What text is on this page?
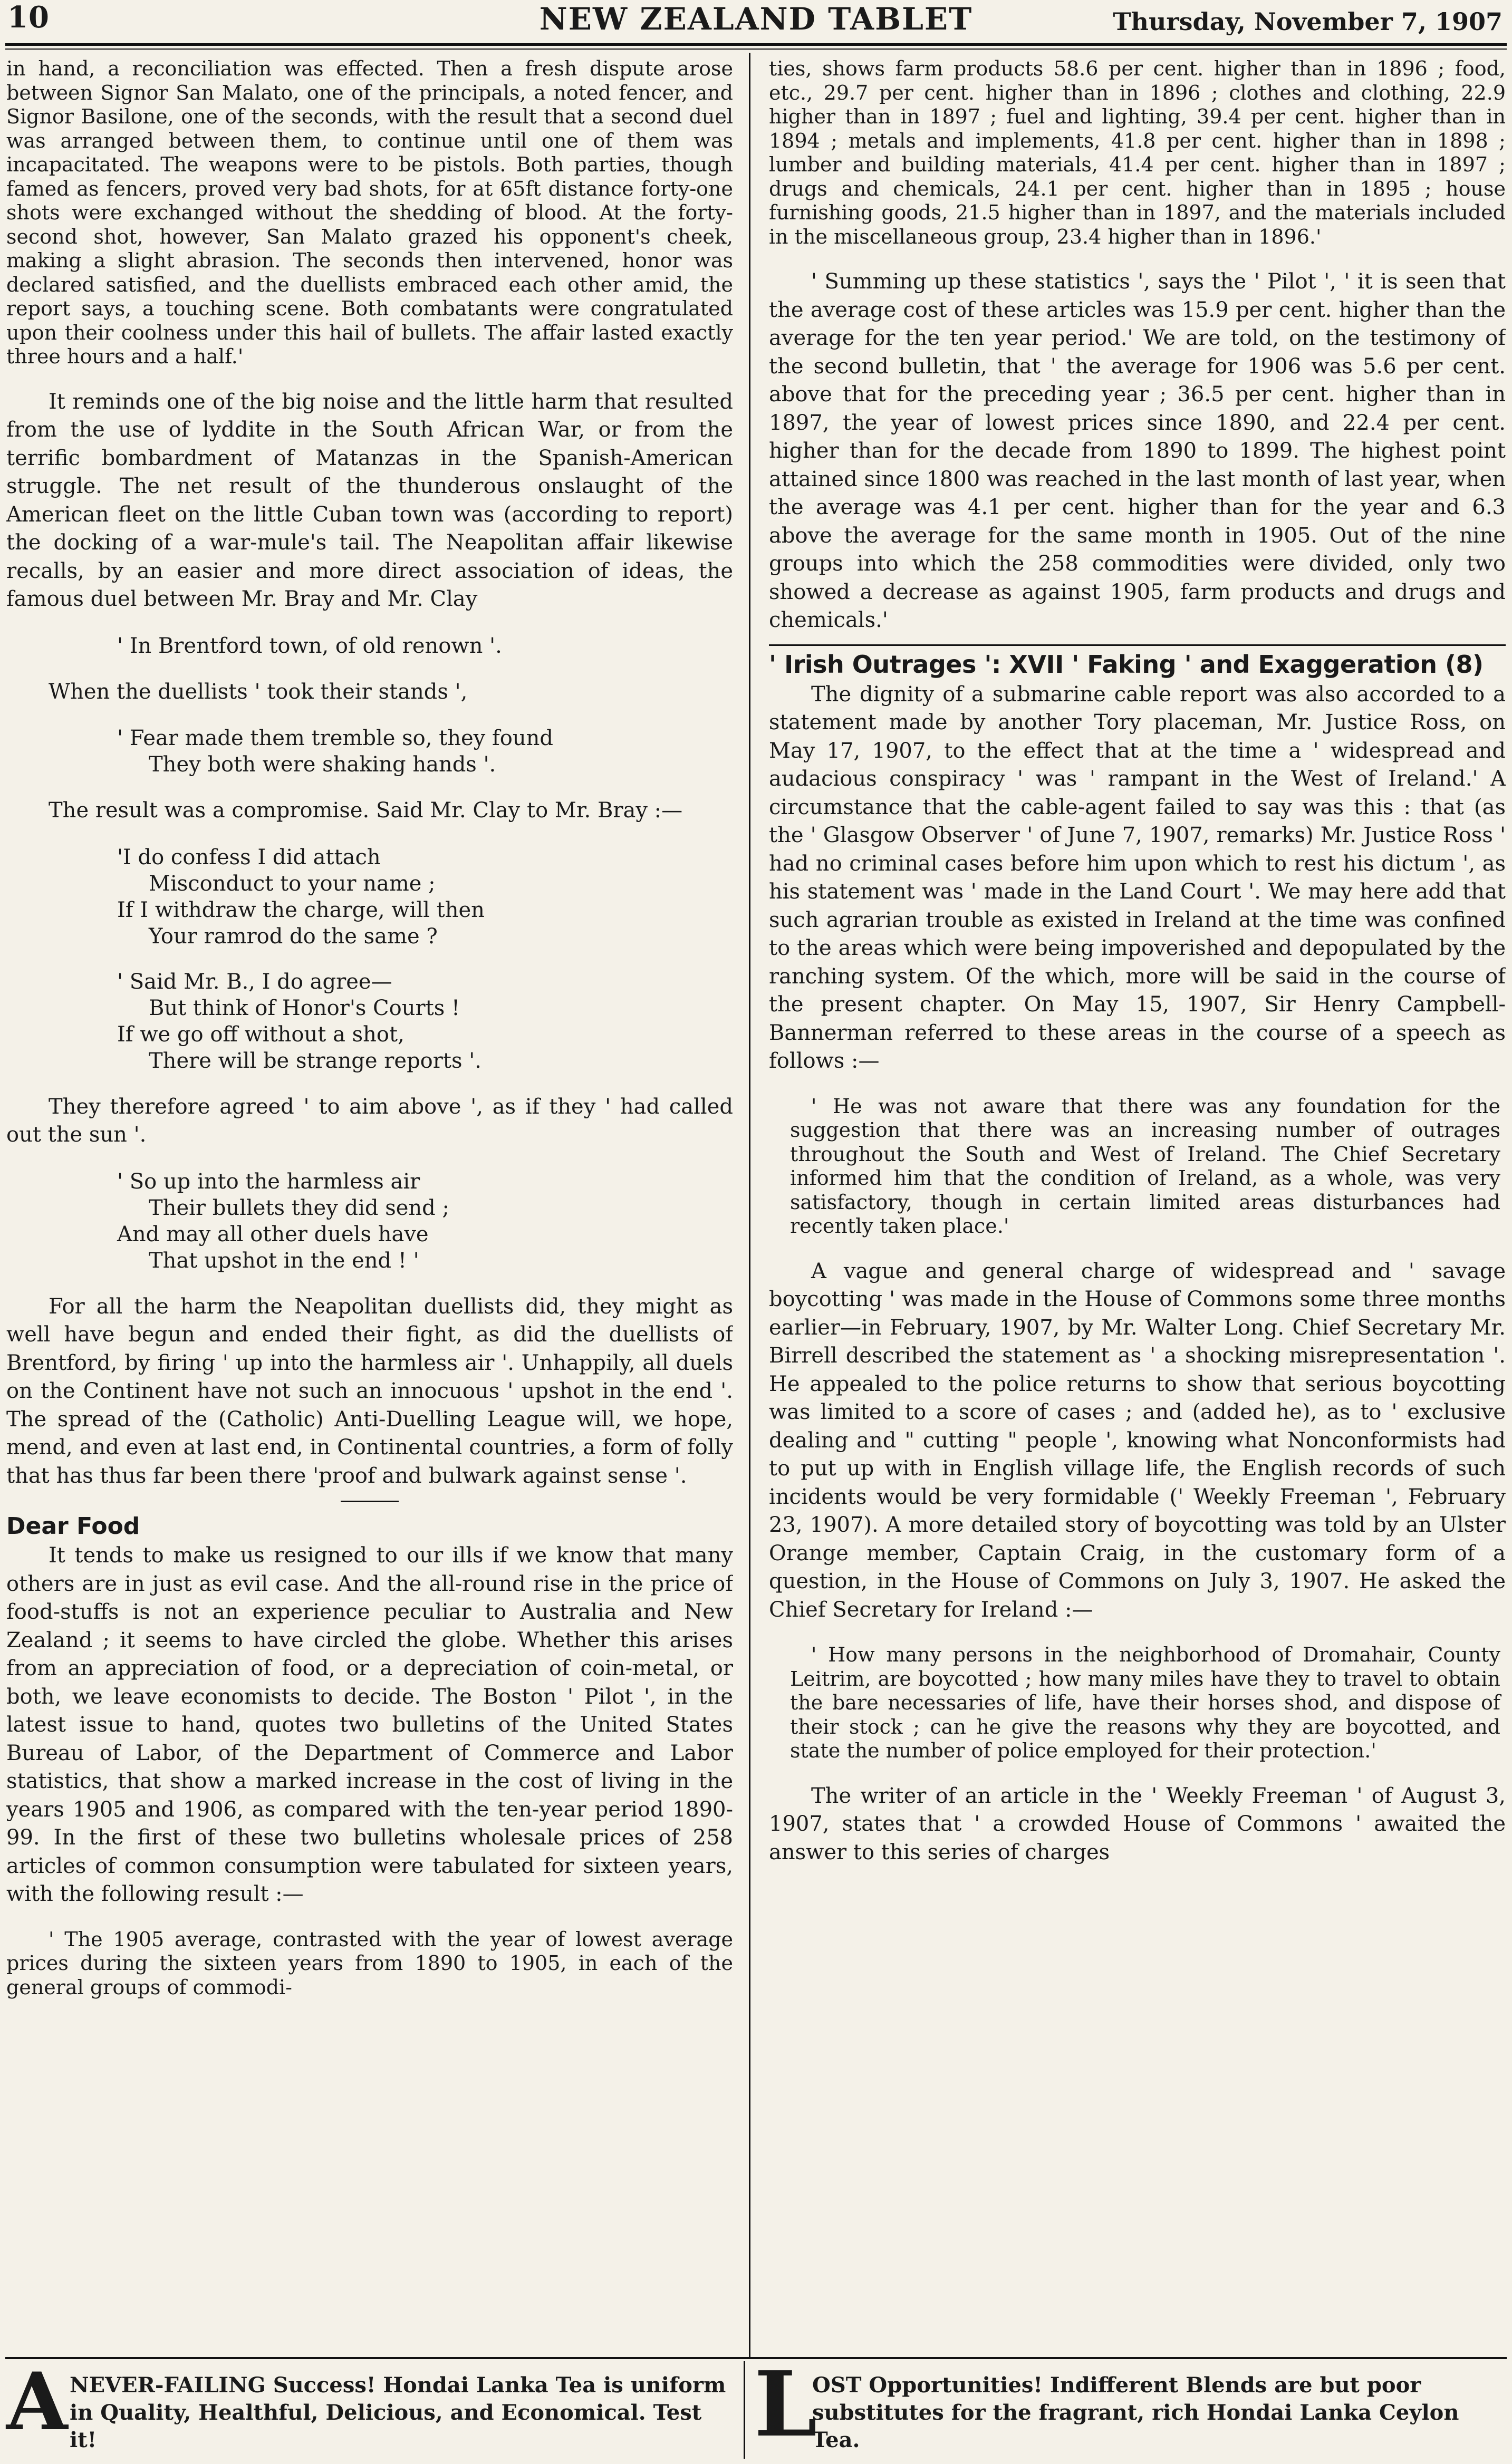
10	NEW ZEALAND TABLET	Thursday, November 7, 1907

in hand, a reconciliation was effected. Then a fresh dispute arose between Signor San Malato, one of the principals, a noted fencer, and Signor Basilone, one of the seconds, with the result that a second duel was arranged between them, to continue until one of them was incapacitated. The weapons were to be pistols. Both parties, though famed as fencers, proved very bad shots, for at 65ft distance forty-one shots were exchanged without the shedding of blood. At the forty-second shot, however, San Malato grazed his opponent's cheek, making a slight abrasion. The seconds then intervened, honor was declared satisfied, and the duellists embraced each other amid, the report says, a touching scene. Both combatants were congratulated upon their coolness under this hail of bullets. The affair lasted exactly three hours and a half.'

It reminds one of the big noise and the little harm that resulted from the use of lyddite in the South African War, or from the terrific bombardment of Matanzas in the Spanish-American struggle. The net result of the thunderous onslaught of the American fleet on the little Cuban town was (according to report) the docking of a war-mule's tail. The Neapolitan affair likewise recalls, by an easier and more direct association of ideas, the famous duel between Mr. Bray and Mr. Clay

' In Brentford town, of old renown '.

When the duellists ' took their stands ',

' Fear made them tremble so, they found
They both were shaking hands '.

The result was a compromise. Said Mr. Clay to Mr. Bray :—

'I do confess I did attach
Misconduct to your name ;
If I withdraw the charge, will then
Your ramrod do the same ?
' Said Mr. B., I do agree—
But think of Honor's Courts !
If we go off without a shot,
There will be strange reports '.

They therefore agreed ' to aim above ', as if they ' had called out the sun '.

' So up into the harmless air
Their bullets they did send ;
And may all other duels have
That upshot in the end ! '

For all the harm the Neapolitan duellists did, they might as well have begun and ended their fight, as did the duellists of Brentford, by firing ' up into the harmless air '. Unhappily, all duels on the Continent have not such an innocuous ' upshot in the end '. The spread of the (Catholic) Anti-Duelling League will, we hope, mend, and even at last end, in Continental countries, a form of folly that has thus far been there 'proof and bulwark against sense '.

Dear Food

It tends to make us resigned to our ills if we know that many others are in just as evil case. And the all-round rise in the price of food-stuffs is not an experience peculiar to Australia and New Zealand ; it seems to have circled the globe. Whether this arises from an appreciation of food, or a depreciation of coin-metal, or both, we leave economists to decide. The Boston ' Pilot ', in the latest issue to hand, quotes two bulletins of the United States Bureau of Labor, of the Department of Commerce and Labor statistics, that show a marked increase in the cost of living in the years 1905 and 1906, as compared with the ten-year period 1890-99. In the first of these two bulletins wholesale prices of 258 articles of common consumption were tabulated for sixteen years, with the following result :—

' The 1905 average, contrasted with the year of lowest average prices during the sixteen years from 1890 to 1905, in each of the general groups of commodi-

ties, shows farm products 58.6 per cent. higher than in 1896 ; food, etc., 29.7 per cent. higher than in 1896 ; clothes and clothing, 22.9 higher than in 1897 ; fuel and lighting, 39.4 per cent. higher than in 1894 ; metals and implements, 41.8 per cent. higher than in 1898 ; lumber and building materials, 41.4 per cent. higher than in 1897 ; drugs and chemicals, 24.1 per cent. higher than in 1895 ; house furnishing goods, 21.5 higher than in 1897, and the materials included in the miscellaneous group, 23.4 higher than in 1896.'

' Summing up these statistics ', says the ' Pilot ', ' it is seen that the average cost of these articles was 15.9 per cent. higher than the average for the ten year period.' We are told, on the testimony of the second bulletin, that ' the average for 1906 was 5.6 per cent. above that for the preceding year ; 36.5 per cent. higher than in 1897, the year of lowest prices since 1890, and 22.4 per cent. higher than for the decade from 1890 to 1899. The highest point attained since 1800 was reached in the last month of last year, when the average was 4.1 per cent. higher than for the year and 6.3 above the average for the same month in 1905. Out of the nine groups into which the 258 commodities were divided, only two showed a decrease as against 1905, farm products and drugs and chemicals.'

' Irish Outrages ': XVII ' Faking ' and Exaggeration (8)

The dignity of a submarine cable report was also accorded to a statement made by another Tory placeman, Mr. Justice Ross, on May 17, 1907, to the effect that at the time a ' widespread and audacious conspiracy ' was ' rampant in the West of Ireland.' A circumstance that the cable-agent failed to say was this : that (as the ' Glasgow Observer ' of June 7, 1907, remarks) Mr. Justice Ross ' had no criminal cases before him upon which to rest his dictum ', as his statement was ' made in the Land Court '. We may here add that such agrarian trouble as existed in Ireland at the time was confined to the areas which were being impoverished and depopulated by the ranching system. Of the which, more will be said in the course of the present chapter. On May 15, 1907, Sir Henry Campbell-Bannerman referred to these areas in the course of a speech as follows :—

' He was not aware that there was any foundation for the suggestion that there was an increasing number of outrages throughout the South and West of Ireland. The Chief Secretary informed him that the condition of Ireland, as a whole, was very satisfactory, though in certain limited areas disturbances had recently taken place.'

A vague and general charge of widespread and ' savage boycotting ' was made in the House of Commons some three months earlier—in February, 1907, by Mr. Walter Long. Chief Secretary Mr. Birrell described the statement as ' a shocking misrepresentation '. He appealed to the police returns to show that serious boycotting was limited to a score of cases ; and (added he), as to ' exclusive dealing and " cutting " people ', knowing what Nonconformists had to put up with in English village life, the English records of such incidents would be very formidable (' Weekly Freeman ', February 23, 1907). A more detailed story of boycotting was told by an Ulster Orange member, Captain Craig, in the customary form of a question, in the House of Commons on July 3, 1907. He asked the Chief Secretary for Ireland :—

' How many persons in the neighborhood of Dromahair, County Leitrim, are boycotted ; how many miles have they to travel to obtain the bare necessaries of life, have their horses shod, and dispose of their stock ; can he give the reasons why they are boycotted, and state the number of police employed for their protection.'

The writer of an article in the ' Weekly Freeman ' of August 3, 1907, states that ' a crowded House of Commons ' awaited the answer to this series of charges

A NEVER-FAILING Success! Hondai Lanka Tea is uniform in Quality, Healthful, Delicious, and Economical. Test it!	L
OST Opportunities! Indifferent Blends are but poor substitutes for the fragrant, rich Hondai Lanka Ceylon Tea.
